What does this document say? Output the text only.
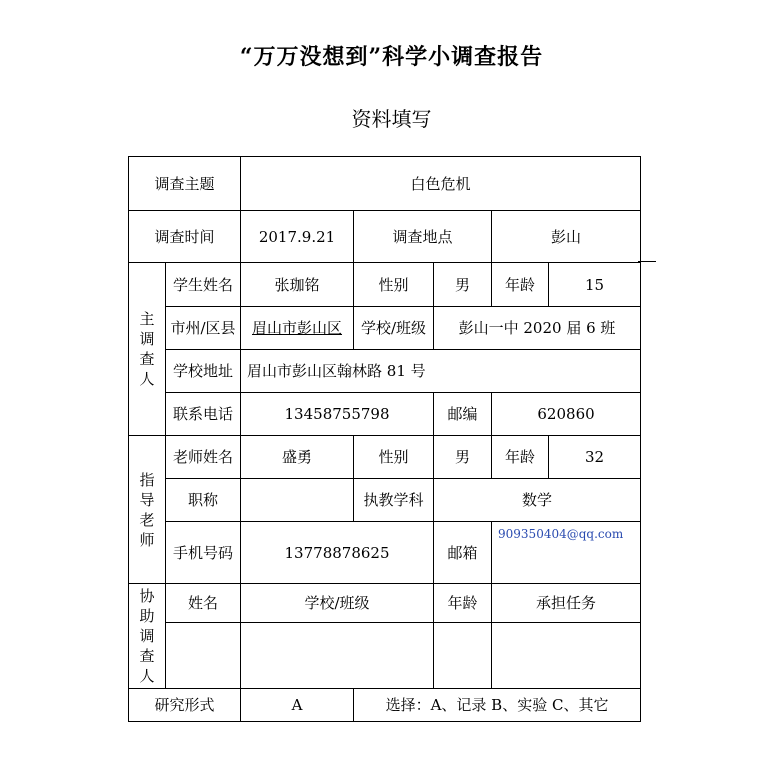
“万万没想到”科学小调查报告
资料填写
调查主题		白色危机				
调查时间		2017.9.21	调查地点		彭山	
主调查人	学生姓名	张珈铭	性别	男	年龄	15
	市州/区县	眉山市彭山区	学校/班级	彭山一中 2020 届 6 班		
	学校地址	眉山市彭山区翰林路 81 号				
	联系电话	13458755798		邮编	620860	
指导老师	老师姓名	盛勇	性别	男	年龄	32
	职称		执教学科	数学		
	手机号码	13778878625		邮箱	909350404@qq.com	
协助调查人	姓名	学校/班级		年龄	承担任务	

研究形式		A	选择：A、记录 B、实验 C、其它			
